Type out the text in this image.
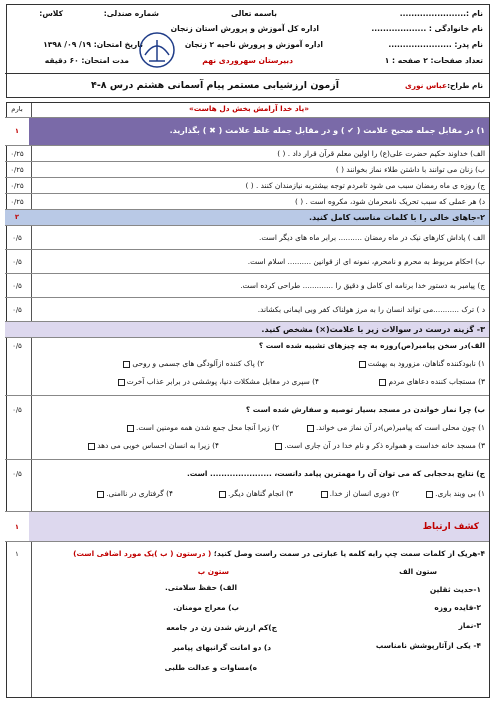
نام :.......................
باسمه تعالی
شماره صندلی:
کلاس:
نام خانوادگی : ...................
اداره کل آموزش و پرورش استان زنجان
نام پدر: ......................
اداره آموزش و پرورش ناحیه ۲ زنجان
تاریخ امتحان: ۱۹/ ۰۹/ ۱۳۹۸
تعداد صفحات: ۲ صفحه : ۱
دبیرستان سهروردی نهم
مدت امتحان: ۶۰ دقیقه
نام طراح:
عباس نوری
آزمون ارزشیابی مستمر پیام آسمانی هشتم درس ۸-۴
«یاد خدا آرامش بخش دل هاست»
بارم
۱) در مقابل جمله صحیح علامت ( ✔ ) و در مقابل جمله غلط علامت ( ✖ ) بگذارید.
۱
الف) خداوند حکیم حضرت علی(ع) را اولین معلم قرآن قرار داد . ( )
۰/۲۵
ب) زنان می توانند با داشتن طلاء نماز بخوانند ( )
۰/۲۵
ج) روزه ی ماه رمضان سبب می شود تامردم توجه بیشتربه نیازمندان کنند . ( )
۰/۲۵
د) هر عملی که سبب تحریک نامحرمان شود، مکروه است . ( )
۰/۲۵
۲-جاهای خالی را با کلمات مناسب کامل کنید.
۲
الف ) پاداش کارهای نیک در ماه رمضان .......... برابر ماه های دیگر است.
۰/۵
ب) احکام مربوط به محرم و نامحرم، نمونه ای از قوانین .......... اسلام است.
۰/۵
ج) پیامبر به دستور خدا برنامه ای کامل و دقیق را ............. طراحی کرده است.
۰/۵
د ) ترک ...........می تواند انسان را به مرز هولناک کفر وبی ایمانی بکشاند.
۰/۵
۳- گزینه درست در سوالات زیر با علامت(×) مشخص کنید.
الف)در سخن پیامبر(ص)روزه به چه چیزهای تشبیه شده است ؟
۱) نابودکننده گناهان، مزورود به بهشت
۲) پاک کننده ازآلودگی های جسمی و روحی
۳) مستجاب کننده دعاهای مردم
۴) سپری در مقابل مشکلات دنیا، پوششی در برابر عذاب آخرت
۰/۵
ب) چرا نماز خواندن در مسجد بسیار توصیه و سفارش شده است ؟
۱) چون محلی است که پیامبر(ص)در آن نماز می خواند.
۲) زیرا آنجا محل جمع شدن همه مومنین است.
۳) مسجد خانه خداست و همواره ذکر و نام خدا در آن جاری است.
۴) زیرا به انسان احساس خوبی می دهد
۰/۵
ج) نتایج بدحجابی که می توان آن را مهمترین پیامد دانست، ...................... است.
۱) بی وبند باری.
۲) دوری انسان از خدا.
۳) انجام گناهان دیگر.
۴) گرفتاری در ناامنی.
۰/۵
کشف ارتباط
۱
۴-هریک از کلمات سمت چپ رابه کلمه یا عبارتی در سمت راست وصل کنید؛ ( درستون ( ب )یک مورد اضافی است)
۱
ستون الف
ستون ب
۱-حدیث ثقلین
۲-فایده روزه
۳-نماز
۴- یکی ازآثارپوشش نامناسب
الف) حفظ سلامتی.
ب) معراج مومنان.
ج)کم ارزش شدن زن در جامعه
د) دو امانت گرانبهای پیامبر
ه)مساوات و عدالت طلبی
